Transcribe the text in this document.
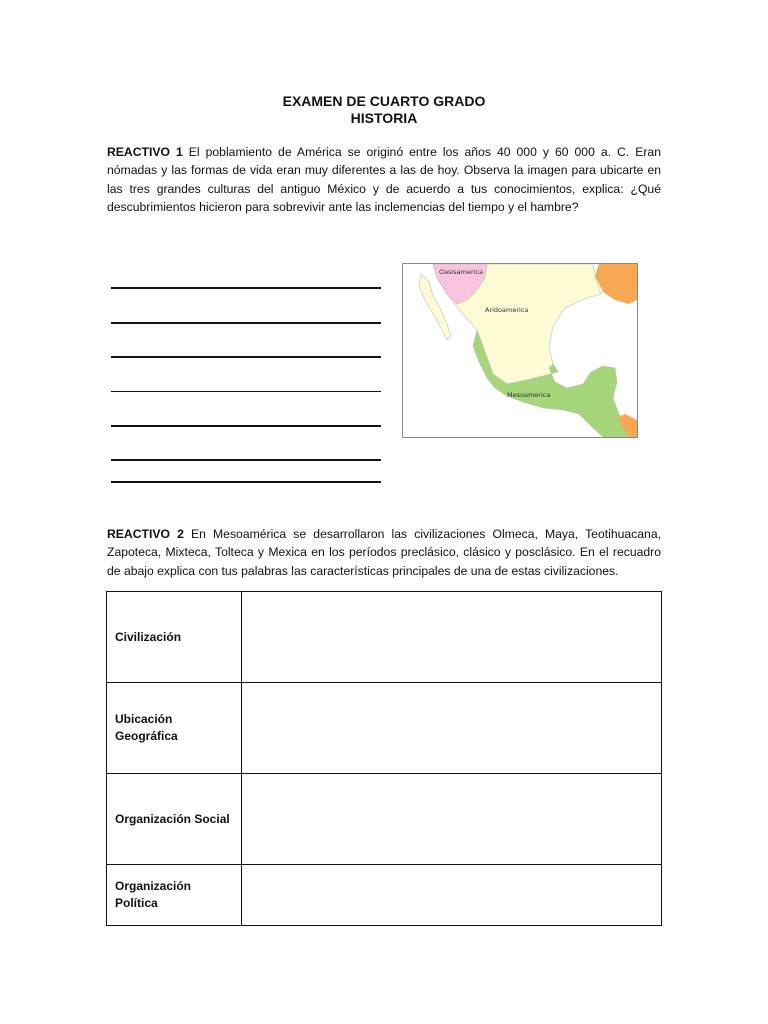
EXAMEN DE CUARTO GRADO
HISTORIA
REACTIVO 1 El poblamiento de América se originó entre los años 40 000 y 60 000 a. C. Eran nómadas y las formas de vida eran muy diferentes a las de hoy. Observa la imagen para ubicarte en las tres grandes culturas del antiguo México y de acuerdo a tus conocimientos, explica: ¿Qué descubrimientos hicieron para sobrevivir ante las inclemencias del tiempo y el hambre?
Oasisamerica
Aridoamerica
Mesoamerica
REACTIVO 2 En Mesoamérica se desarrollaron las civilizaciones Olmeca, Maya, Teotihuacana, Zapoteca, Mixteca, Tolteca y Mexica en los períodos preclásico, clásico y posclásico. En el recuadro de abajo explica con tus palabras las características principales de una de estas civilizaciones.
Civilización	
Ubicación Geográfica	
Organización Social	
Organización Política	
